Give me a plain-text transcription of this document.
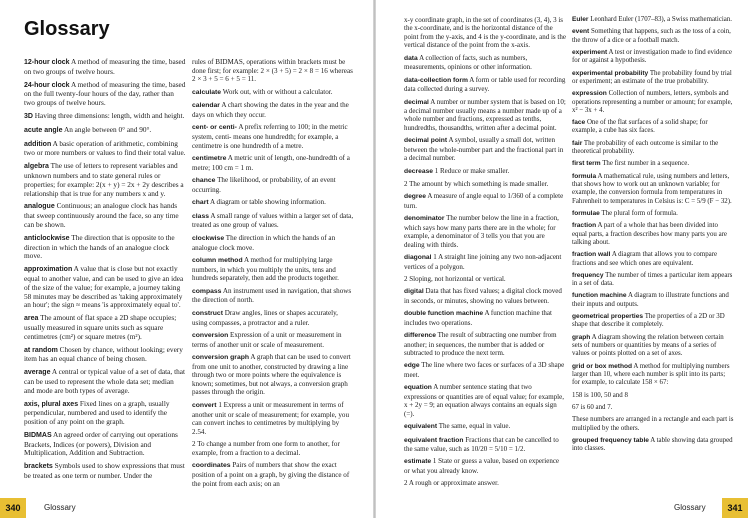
Glossary

12-hour clock A method of measuring the time, based on two groups of twelve hours.

24-hour clock A method of measuring the time, based on the full twenty-four hours of the day, rather than two groups of twelve hours.

3D Having three dimensions: length, width and height.

acute angle An angle between 0° and 90°.

addition A basic operation of arithmetic, combining two or more numbers or values to find their total value.

algebra The use of letters to represent variables and unknown numbers and to state general rules or properties; for example: 2(x + y) = 2x + 2y describes a relationship that is true for any numbers x and y.

analogue Continuous; an analogue clock has hands that sweep continuously around the face, so any time can be shown.

anticlockwise The direction that is opposite to the direction in which the hands of an analogue clock move.

approximation A value that is close but not exactly equal to another value, and can be used to give an idea of the size of the value; for example, a journey taking 58 minutes may be described as 'taking approximately an hour'; the sign ≈ means 'is approximately equal to'.

area The amount of flat space a 2D shape occupies; usually measured in square units such as square centimetres (cm²) or square metres (m²).

at random Chosen by chance, without looking; every item has an equal chance of being chosen.

average A central or typical value of a set of data, that can be used to represent the whole data set; median and mode are both types of average.

axis, plural axes Fixed lines on a graph, usually perpendicular, numbered and used to identify the position of any point on the graph.

BIDMAS An agreed order of carrying out operations Brackets, Indices (or powers), Division and Multiplication, Addition and Subtraction.

brackets Symbols used to show expressions that must be treated as one term or number. Under the

rules of BIDMAS, operations within brackets must be done first; for example: 2 × (3 + 5) = 2 × 8 = 16 whereas 2 × 3 + 5 = 6 + 5 = 11.

calculate Work out, with or without a calculator.

calendar A chart showing the dates in the year and the days on which they occur.

cent- or centi- A prefix referring to 100; in the metric system, centi- means one hundredth; for example, a centimetre is one hundredth of a metre.

centimetre A metric unit of length, one-hundredth of a metre; 100 cm = 1 m.

chance The likelihood, or probability, of an event occurring.

chart A diagram or table showing information.

class A small range of values within a larger set of data, treated as one group of values.

clockwise The direction in which the hands of an analogue clock move.

column method A method for multiplying large numbers, in which you multiply the units, tens and hundreds separately, then add the products together.

compass An instrument used in navigation, that shows the direction of north.

construct Draw angles, lines or shapes accurately, using compasses, a protractor and a ruler.

conversion Expression of a unit or measurement in terms of another unit or scale of measurement.

conversion graph A graph that can be used to convert from one unit to another, constructed by drawing a line through two or more points where the equivalence is known; sometimes, but not always, a conversion graph passes through the origin.

convert 1 Express a unit or measurement in terms of another unit or scale of measurement; for example, you can convert inches to centimetres by multiplying by 2.54.

2 To change a number from one form to another, for example, from a fraction to a decimal.

coordinates Pairs of numbers that show the exact position of a point on a graph, by giving the distance of the point from each axis; on an

340	Glossary

x-y coordinate graph, in the set of coordinates (3, 4), 3 is the x-coordinate, and is the horizontal distance of the point from the y-axis, and 4 is the y-coordinate, and is the vertical distance of the point from the x-axis.

data A collection of facts, such as numbers, measurements, opinions or other information.

data-collection form A form or table used for recording data collected during a survey.

decimal A number or number system that is based on 10; a decimal number usually means a number made up of a whole number and fractions, expressed as tenths, hundredths, thousandths, written after a decimal point.

decimal point A symbol, usually a small dot, written between the whole-number part and the fractional part in a decimal number.

decrease 1 Reduce or make smaller.

2 The amount by which something is made smaller.

degree A measure of angle equal to 1/360 of a complete turn.

denominator The number below the line in a fraction, which says how many parts there are in the whole; for example, a denominator of 3 tells you that you are dealing with thirds.

diagonal 1 A straight line joining any two non-adjacent vertices of a polygon.

2 Sloping, not horizontal or vertical.

digital Data that has fixed values; a digital clock moved in seconds, or minutes, showing no values between.

double function machine A function machine that includes two operations.

difference The result of subtracting one number from another; in sequences, the number that is added or subtracted to produce the next term.

edge The line where two faces or surfaces of a 3D shape meet.

equation A number sentence stating that two expressions or quantities are of equal value; for example, x + 2y = 9; an equation always contains an equals sign (=).

equivalent The same, equal in value.

equivalent fraction Fractions that can be cancelled to the same value, such as 10/20 = 5/10 = 1/2.

estimate 1 State or guess a value, based on experience or what you already know.

2 A rough or approximate answer.

Euler Leonhard Euler (1707–83), a Swiss mathematician.

event Something that happens, such as the toss of a coin, the throw of a dice or a football match.

experiment A test or investigation made to find evidence for or against a hypothesis.

experimental probability The probability found by trial or experiment; an estimate of the true probability.

expression Collection of numbers, letters, symbols and operations representing a number or amount; for example, x² − 3x + 4.

face One of the flat surfaces of a solid shape; for example, a cube has six faces.

fair The probability of each outcome is similar to the theoretical probability.

first term The first number in a sequence.

formula A mathematical rule, using numbers and letters, that shows how to work out an unknown variable; for example, the conversion formula from temperatures in Fahrenheit to temperatures in Celsius is: C = 5/9 (F − 32).

formulae The plural form of formula.

fraction A part of a whole that has been divided into equal parts, a fraction describes how many parts you are talking about.

fraction wall A diagram that allows you to compare fractions and see which ones are equivalent.

frequency The number of times a particular item appears in a set of data.

function machine A diagram to illustrate functions and their inputs and outputs.

geometrical properties The properties of a 2D or 3D shape that describe it completely.

graph A diagram showing the relation between certain sets of numbers or quantities by means of a series of values or points plotted on a set of axes.

grid or box method A method for multiplying numbers larger than 10, where each number is split into its parts; for example, to calculate 158 × 67:

158 is 100, 50 and 8

67 is 60 and 7.

These numbers are arranged in a rectangle and each part is multiplied by the others.

grouped frequency table A table showing data grouped into classes.

Glossary	341
